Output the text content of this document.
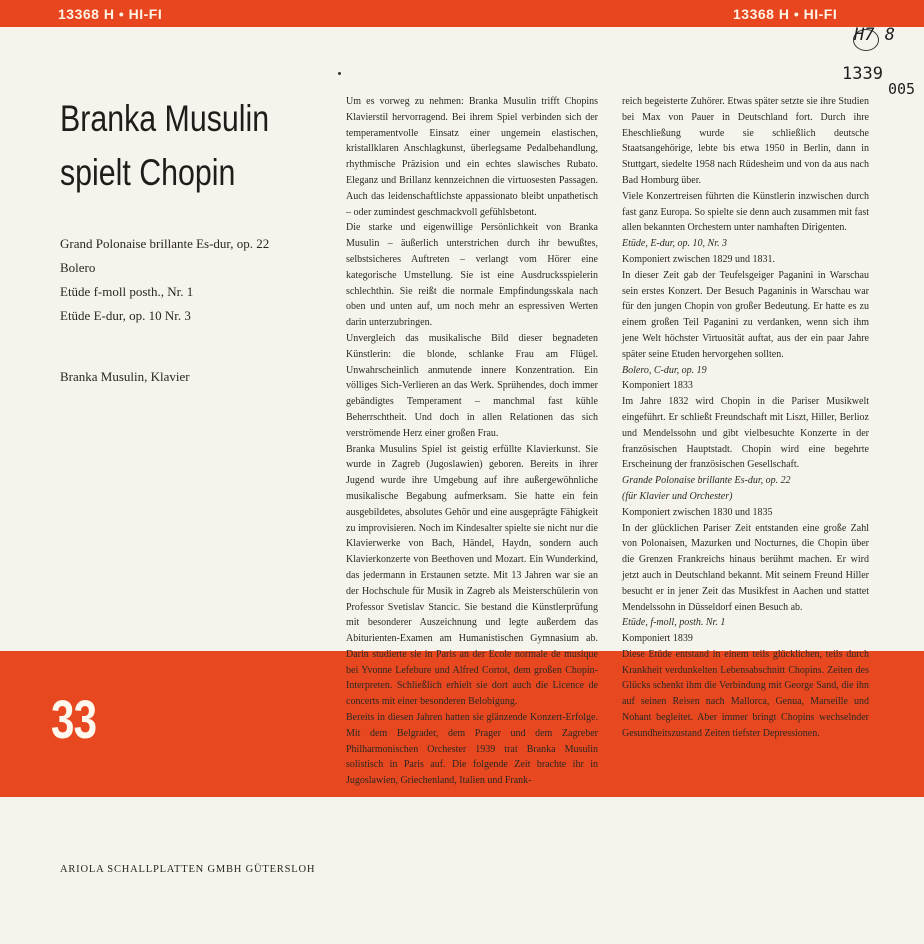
13368 H • HI-FI	13368 H • HI-FI
H7 8
1339
005
33
Branka Musulin
spielt Chopin
Grand Polonaise brillante Es-dur, op. 22
Bolero
Etüde f-moll posth., Nr. 1
Etüde E-dur, op. 10 Nr. 3
Branka Musulin, Klavier
ARIOLA SCHALLPLATTEN GMBH GÜTERSLOH

Um es vorweg zu nehmen: Branka Musulin trifft Chopins Klavierstil hervorragend. Bei ihrem Spiel verbinden sich der temperamentvolle Einsatz einer ungemein elastischen, kristallklaren Anschlagkunst, überlegsame Pedalbehandlung, rhythmische Präzision und ein echtes slawisches Rubato. Eleganz und Brillanz kennzeichnen die virtuosesten Passagen. Auch das leidenschaftlichste appassionato bleibt unpathetisch – oder zumindest geschmackvoll gefühlsbetont.

Die starke und eigenwillige Persönlichkeit von Branka Musulin – äußerlich unterstrichen durch ihr bewußtes, selbstsicheres Auftreten – verlangt vom Hörer eine kategorische Umstellung. Sie ist eine Ausdrucksspielerin schlechthin. Sie reißt die normale Empfindungsskala nach oben und unten auf, um noch mehr an espressiven Werten darin unterzubringen.

Unvergleich das musikalische Bild dieser begnadeten Künstlerin: die blonde, schlanke Frau am Flügel. Unwahrscheinlich anmutende innere Konzentration. Ein völliges Sich-Verlieren an das Werk. Sprühendes, doch immer gebändigtes Temperament – manchmal fast kühle Beherrschtheit. Und doch in allen Relationen das sich verströmende Herz einer großen Frau.

Branka Musulins Spiel ist geistig erfüllte Klavierkunst. Sie wurde in Zagreb (Jugoslawien) geboren. Bereits in ihrer Jugend wurde ihre Umgebung auf ihre außergewöhnliche musikalische Begabung aufmerksam. Sie hatte ein fein ausgebildetes, absolutes Gehör und eine ausgeprägte Fähigkeit zu improvisieren. Noch im Kindesalter spielte sie nicht nur die Klavierwerke von Bach, Händel, Haydn, sondern auch Klavierkonzerte von Beethoven und Mozart. Ein Wunderkind, das jedermann in Erstaunen setzte. Mit 13 Jahren war sie an der Hochschule für Musik in Zagreb als Meisterschülerin von Professor Svetislav Stancic. Sie bestand die Künstlerprüfung mit besonderer Auszeichnung und legte außerdem das Abiturienten-Examen am Humanistischen Gymnasium ab. Darin studierte sie in Paris an der Ecole normale de musique bei Yvonne Lefebure und Alfred Cortot, dem großen Chopin-Interpreten. Schließlich erhielt sie dort auch die Licence de concerts mit einer besonderen Belobigung.

Bereits in diesen Jahren hatten sie glänzende Konzert-Erfolge. Mit dem Belgrader, dem Prager und dem Zagreber Philharmonischen Orchester 1939 trat Branka Musulin solistisch in Paris auf. Die folgende Zeit brachte ihr in Jugoslawien, Griechenland, Italien und Frank-

reich begeisterte Zuhörer. Etwas später setzte sie ihre Studien bei Max von Pauer in Deutschland fort. Durch ihre Eheschließung wurde sie schließlich deutsche Staatsangehörige, lebte bis etwa 1950 in Berlin, dann in Stuttgart, siedelte 1958 nach Rüdesheim und von da aus nach Bad Homburg über.

Viele Konzertreisen führten die Künstlerin inzwischen durch fast ganz Europa. So spielte sie denn auch zusammen mit fast allen bekannten Orchestern unter namhaften Dirigenten.

Etüde, E-dur, op. 10, Nr. 3

Komponiert zwischen 1829 und 1831.

In dieser Zeit gab der Teufelsgeiger Paganini in Warschau sein erstes Konzert. Der Besuch Paganinis in Warschau war für den jungen Chopin von großer Bedeutung. Er hatte es zu einem großen Teil Paganini zu verdanken, wenn sich ihm jene Welt höchster Virtuosität auftat, aus der ein paar Jahre später seine Etuden hervorgehen sollten.

Bolero, C-dur, op. 19

Komponiert 1833

Im Jahre 1832 wird Chopin in die Pariser Musikwelt eingeführt. Er schließt Freundschaft mit Liszt, Hiller, Berlioz und Mendelssohn und gibt vielbesuchte Konzerte in der französischen Hauptstadt. Chopin wird eine begehrte Erscheinung der französischen Gesellschaft.

Grande Polonaise brillante Es-dur, op. 22

(für Klavier und Orchester)

Komponiert zwischen 1830 und 1835

In der glücklichen Pariser Zeit entstanden eine große Zahl von Polonaisen, Mazurken und Nocturnes, die Chopin über die Grenzen Frankreichs hinaus berühmt machen. Er wird jetzt auch in Deutschland bekannt. Mit seinem Freund Hiller besucht er in jener Zeit das Musikfest in Aachen und stattet Mendelssohn in Düsseldorf einen Besuch ab.

Etüde, f-moll, posth. Nr. 1

Komponiert 1839

Diese Etüde entstand in einem teils glücklichen, teils durch Krankheit verdunkelten Lebensabschnitt Chopins. Zeiten des Glücks schenkt ihm die Verbindung mit George Sand, die ihn auf seinen Reisen nach Mallorca, Genua, Marseille und Nohant begleitet. Aber immer bringt Chopins wechselnder Gesundheitszustand Zeiten tiefster Depressionen.
